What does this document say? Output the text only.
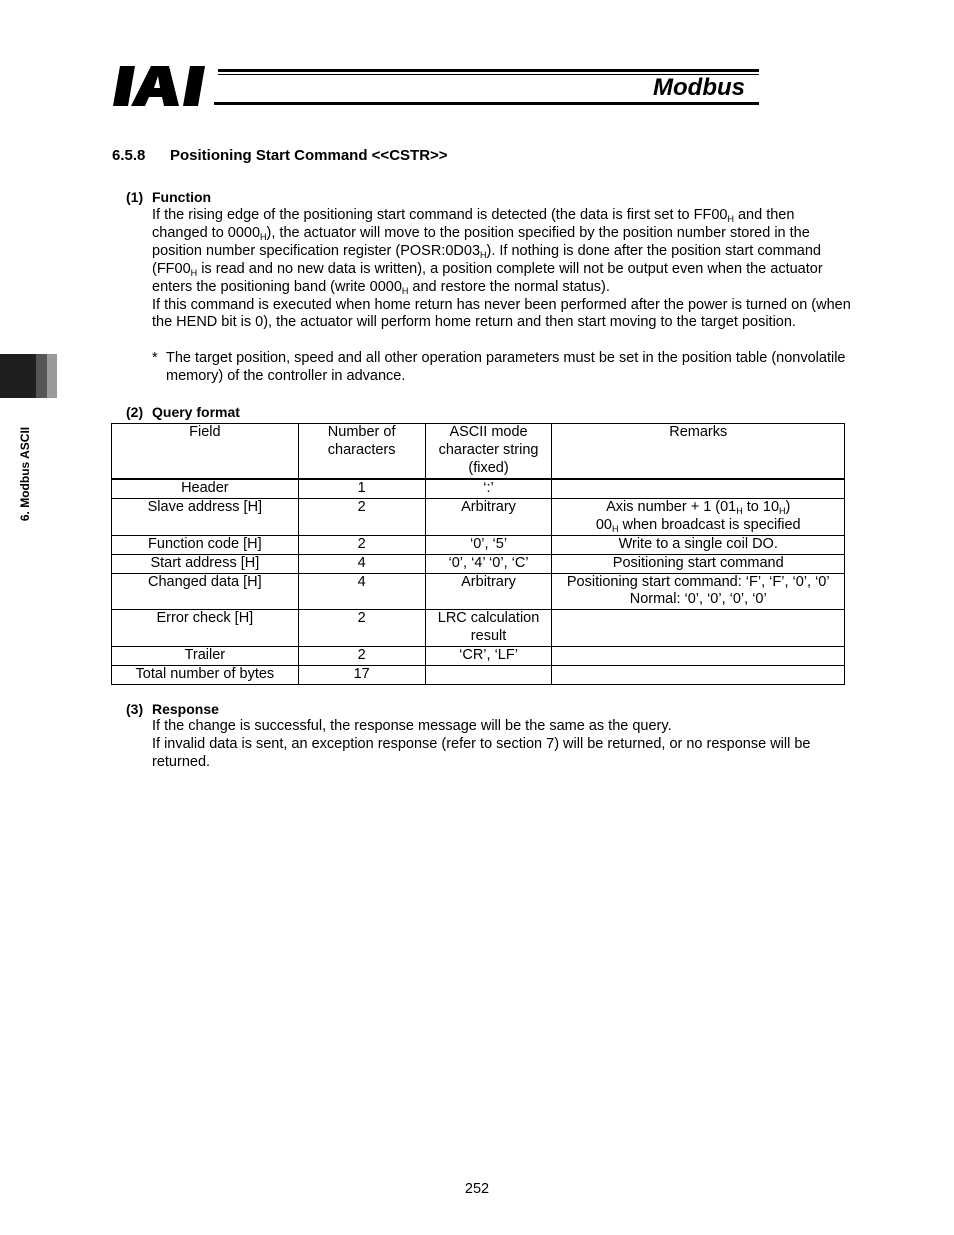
Modbus
6. Modbus ASCII
6.5.8 Positioning Start Command <<CSTR>>
(1) Function

If the rising edge of the positioning start command is detected (the data is first set to $FF00_H$ and then changed to $0000_H$), the actuator will move to the position specified by the position number stored in the position number specification register $(POSR:0D03_H)$. If nothing is done after the position start command ($FF00_H$ is read and no new data is written), a position complete will not be output even when the actuator enters the positioning band (write $0000_H$ and restore the normal status).

If this command is executed when home return has never been performed after the power is turned on (when the HEND bit is 0), the actuator will perform home return and then start moving to the target position.

* The target position, speed and all other operation parameters must be set in the position table (nonvolatile memory) of the controller in advance.
(2) Query format
Field	Number of characters	ASCII mode character string (fixed)	Remarks
Header	1	‘:’	
Slave address [H]	2	Arbitrary	Axis number + 1 ($01_H$ to $10_H$)
$00_H$ when broadcast is specified
Function code [H]	2	‘0’, ‘5’	Write to a single coil DO.
Start address [H]	4	‘0’, ‘4’ ‘0’, ‘C’	Positioning start command
Changed data [H]	4	Arbitrary	Positioning start command: ‘F’, ‘F’, ‘0’, ‘0’
Normal: ‘0’, ‘0’, ‘0’, ‘0’
Error check [H]	2	LRC calculation
result	
Trailer	2	‘CR’, ‘LF’	
Total number of bytes	17		
(3) Response

If the change is successful, the response message will be the same as the query.

If invalid data is sent, an exception response (refer to section 7) will be returned, or no response will be returned.

252
